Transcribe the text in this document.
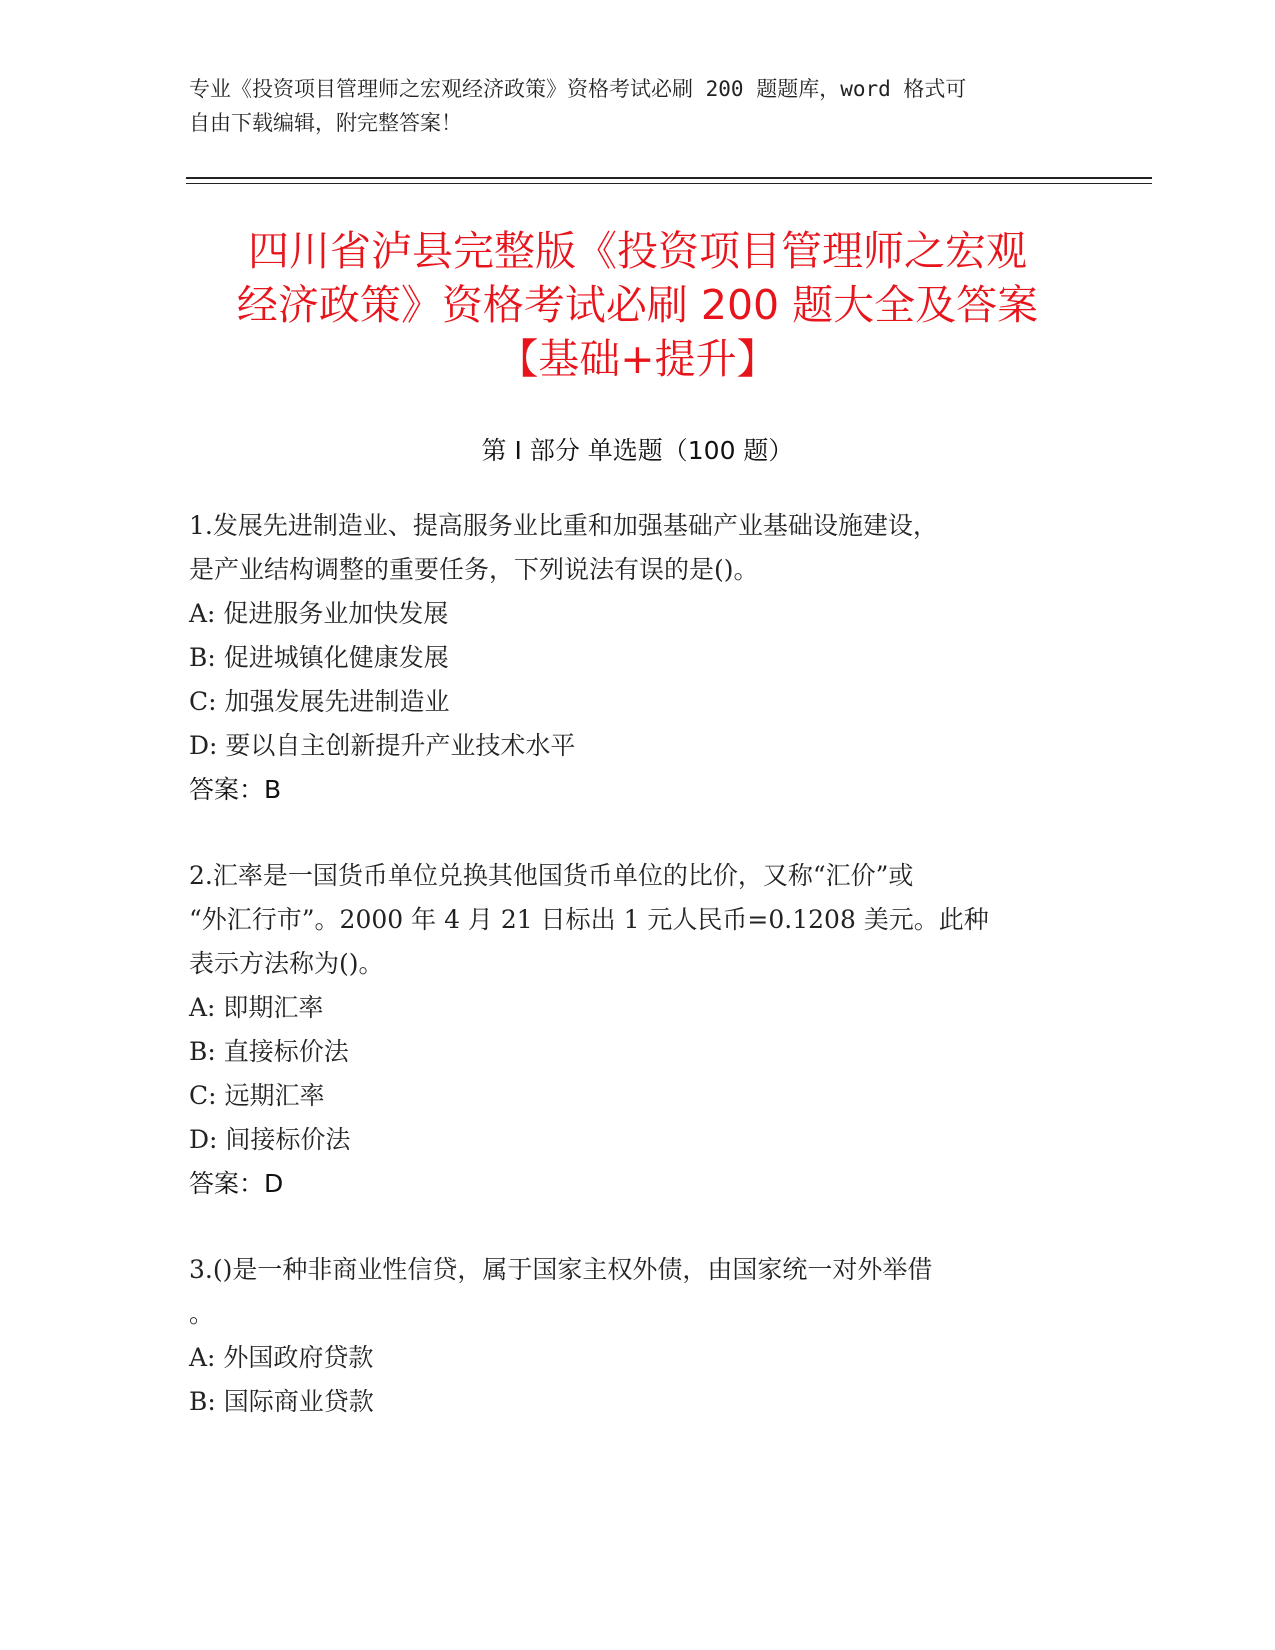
专业《投资项目管理师之宏观经济政策》资格考试必刷 200 题题库，word 格式可
自由下载编辑，附完整答案！
四川省泸县完整版《投资项目管理师之宏观
经济政策》资格考试必刷 200 题大全及答案
【基础+提升】
第 I 部分 单选题（100 题）
1.发展先进制造业、提高服务业比重和加强基础产业基础设施建设，
是产业结构调整的重要任务，下列说法有误的是()。
A: 促进服务业加快发展
B: 促进城镇化健康发展
C: 加强发展先进制造业
D: 要以自主创新提升产业技术水平
答案：B
2.汇率是一国货币单位兑换其他国货币单位的比价，又称“汇价”或
“外汇行市”。2000 年 4 月 21 日标出 1 元人民币=0.1208 美元。此种
表示方法称为()。
A: 即期汇率
B: 直接标价法
C: 远期汇率
D: 间接标价法
答案：D
3.()是一种非商业性信贷，属于国家主权外债，由国家统一对外举借
。
A: 外国政府贷款
B: 国际商业贷款
